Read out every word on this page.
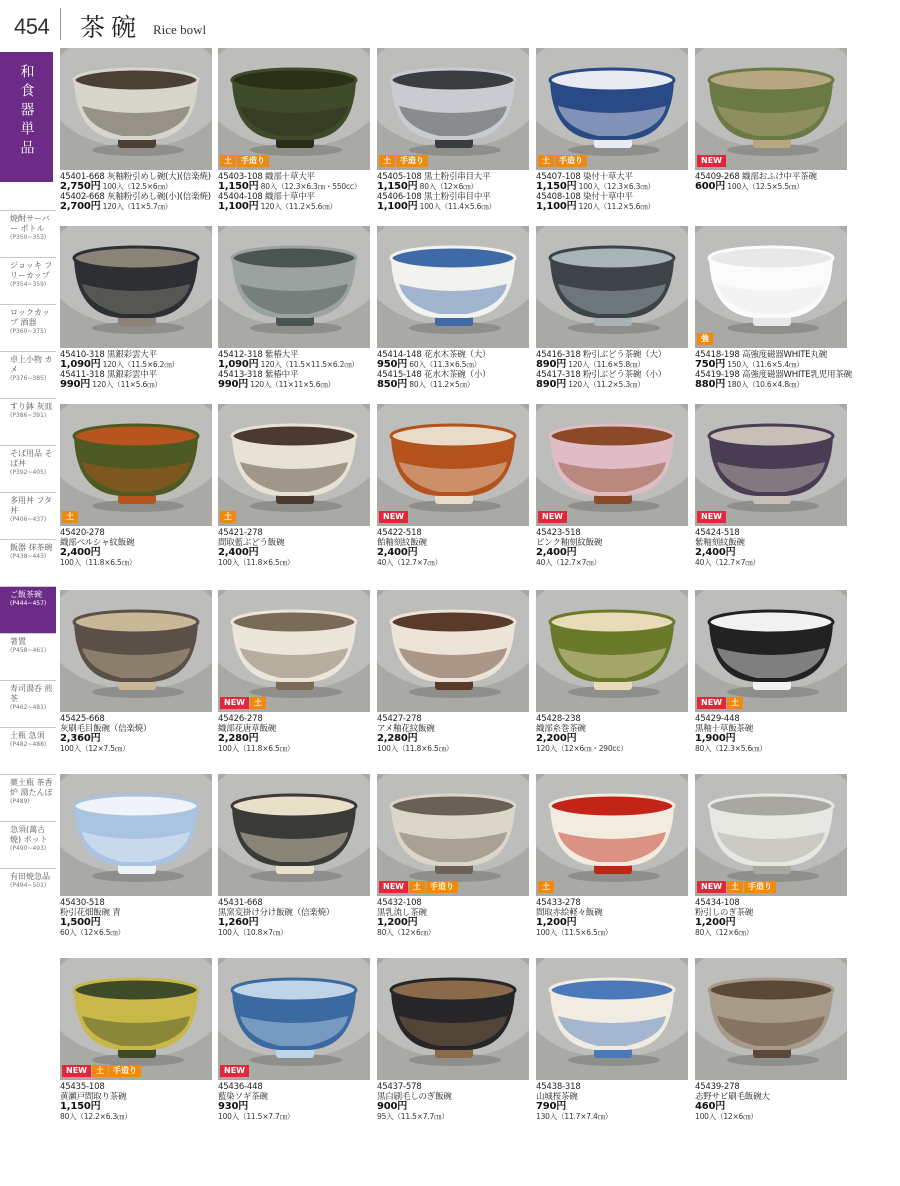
454 茶碗 Rice bowl
和食器単品
焼酎サーバー ボトル
(P350~353)
ジョッキ フリーカップ
(P354~359)
ロックカップ 酒器
(P360~375)
卓上小物 カメ
(P376~385)
すり鉢 灰皿
(P386~391)
そば用品 そば丼
(P392~405)
多用丼 フタ丼
(P406~437)
飯器 抹茶碗
(P438~443)
ご飯茶碗
(P444~457)
箸置
(P458~461)
寿司湯呑 煎茶
(P462~481)
土瓶 急須
(P482~488)
薬土瓶 茶香炉 湯たんぽ
(P489)
急須(萬古焼) ポット
(P490~493)
有田焼急品
(P494~501)
45401-668 灰釉粉引めし碗(大)(信楽焼)
2,750円 100入（12.5×6㎝）
45402-668 灰釉粉引めし碗(小)(信楽焼)
2,700円 120入（11×5.7㎝）
土	手造り
45403-108 織部十草大平
1,150円 80入（12.3×6.3㎝・550cc）
45404-108 織部十草中平
1,100円 120入（11.2×5.6㎝）
土	手造り
45405-108 黒土粉引串目大平
1,150円 80入（12×6㎝）
45406-108 黒土粉引串目中平
1,100円 100入（11.4×5.6㎝）
土	手造り
45407-108 染付十草大平
1,150円 100入（12.3×6.3㎝）
45408-108 染付十草中平
1,100円 120入（11.2×5.6㎝）
NEW
45409-268 織部おふけ中平茶碗
600円 100入（12.5×5.5㎝）
45410-318 黒銀彩雲大平
1,090円 120入（11.5×6.2㎝）
45411-318 黒銀彩雲中平
990円 120入（11×5.6㎝）
45412-318 紫椿大平
1,090円 120入（11.5×11.5×6.2㎝）
45413-318 紫椿中平
990円 120入（11×11×5.6㎝）
45414-148 花水木茶碗（大）
950円 60入（11.3×6.5㎝）
45415-148 花水木茶碗（小）
850円 80入（11.2×5㎝）
45416-318 粉引ぶどう茶碗（大）
890円 120入（11.6×5.8㎝）
45417-318 粉引ぶどう茶碗（小）
890円 120入（11.2×5.3㎝）
強
45418-198 高強度磁器WHITE丸碗
750円 150入（11.6×5.4㎝）
45419-198 高強度磁器WHITE乳児用茶碗
880円 180入（10.6×4.8㎝）
土
45420-278
織部ペルシャ紋飯碗
2,400円
100入（11.8×6.5㎝）
土
45421-278
間取藍ぶどう飯碗
2,400円
100入（11.8×6.5㎝）
NEW
45422-518
飴釉刻紋飯碗
2,400円
40入（12.7×7㎝）
NEW
45423-518
ピンク釉刻紋飯碗
2,400円
40入（12.7×7㎝）
NEW
45424-518
紫釉刻紋飯碗
2,400円
40入（12.7×7㎝）
45425-668
灰刷毛目飯碗（信楽焼）
2,360円
100入（12×7.5㎝）
NEW	土
45426-278
織部花唐草飯碗
2,280円
100入（11.8×6.5㎝）
45427-278
アメ釉花紋飯碗
2,280円
100入（11.8×6.5㎝）
45428-238
織部糸巻茶碗
2,200円
120入（12×6㎝・290cc）
NEW	土
45429-448
黒釉十草飯茶碗
1,900円
80入（12.3×5.6㎝）
45430-518
粉引花畑飯碗 青
1,500円
60入（12×6.5㎝）
45431-668
黒窯変掛け分け飯碗（信楽焼）
1,260円
100入（10.8×7㎝）
NEW	土	手造り
45432-108
黒乳流し茶碗
1,200円
80入（12×6㎝）
土
45433-278
間取赤絵軽々飯碗
1,200円
100入（11.5×6.5㎝）
NEW	土	手造り
45434-108
粉引しのぎ茶碗
1,200円
80入（12×6㎝）
NEW	土	手造り
45435-108
黄瀬戸間取り茶碗
1,150円
80入（12.2×6.3㎝）
NEW
45436-448
藍染ソギ茶碗
930円
100入（11.5×7.7㎝）
45437-578
黒白刷毛しのぎ飯碗
900円
95入（11.5×7.7㎝）
45438-318
山城桜茶碗
790円
130入（11.7×7.4㎝）
45439-278
志野サビ刷毛飯碗大
460円
100入（12×6㎝）
